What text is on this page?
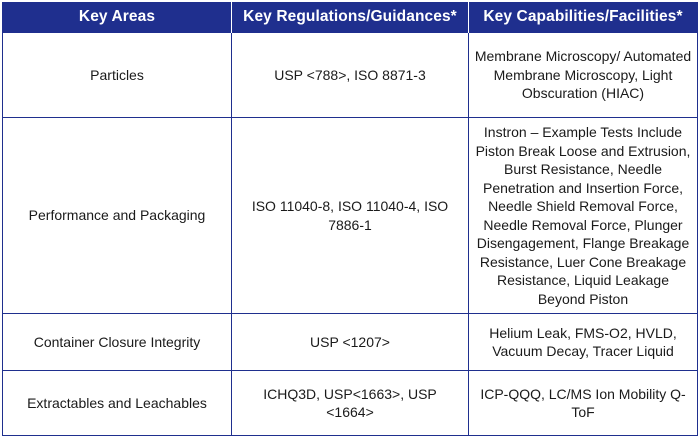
Key Areas	Key Regulations/Guidances*	Key Capabilities/Facilities*
Particles	USP <788>, ISO 8871-3	Membrane Microscopy/ Automated Membrane Microscopy, Light Obscuration (HIAC)
Performance and Packaging	ISO 11040-8, ISO 11040-4, ISO 7886-1	Instron – Example Tests Include Piston Break Loose and Extrusion, Burst Resistance, Needle Penetration and Insertion Force, Needle Shield Removal Force, Needle Removal Force, Plunger Disengagement, Flange Breakage Resistance, Luer Cone Breakage Resistance, Liquid Leakage Beyond Piston
Container Closure Integrity	USP <1207>	Helium Leak, FMS-O2, HVLD, Vacuum Decay, Tracer Liquid
Extractables and Leachables	ICHQ3D, USP<1663>, USP <1664>	ICP-QQQ, LC/MS Ion Mobility Q-ToF
